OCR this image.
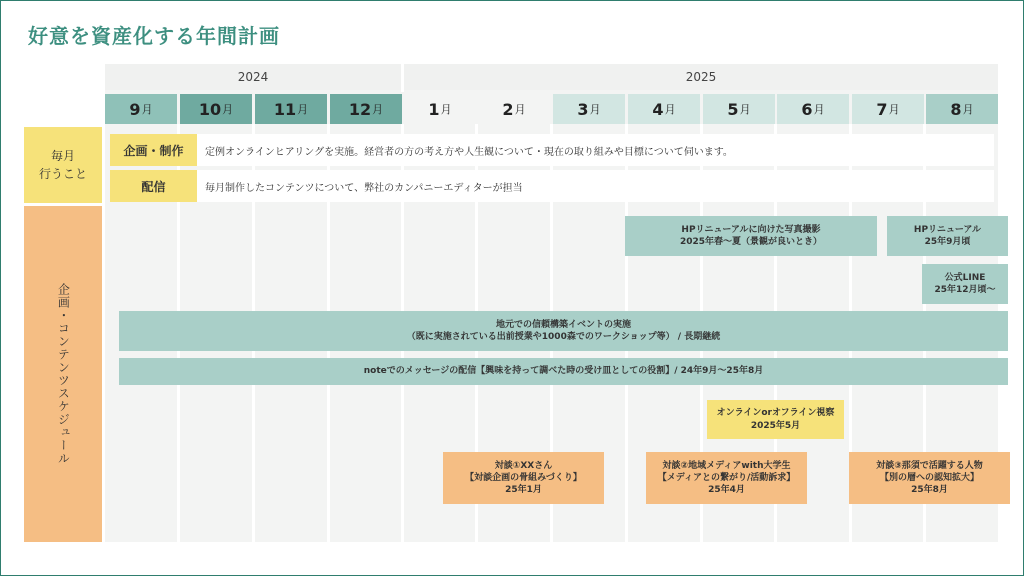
好意を資産化する年間計画
2024	2025
9 月	10 月	11 月	12 月	1 月	2 月	3 月	4 月	5 月	6 月	7 月	8 月
毎月
行うこと
企画・コンテンツスケジュール
企画・制作	定例オンラインヒアリングを実施。経営者の方の考え方や人生観について・現在の取り組みや目標について伺います。
配信	毎月制作したコンテンツについて、弊社のカンパニーエディターが担当
HPリニューアルに向けた写真撮影
2025年春〜夏（景観が良いとき）
HPリニューアル
25年9月頃
公式LINE
25年12月頃〜
地元での信頼構築イベントの実施
（既に実施されている出前授業や1000森でのワークショップ等） / 長期継続
noteでのメッセージの配信【興味を持って調べた時の受け皿としての役割】/ 24年9月〜25年8月
オンラインorオフライン視察
2025年5月
対談①XXさん
【対談企画の骨組みづくり】
25年1月
対談②地域メディアwith大学生
【メディアとの繋がり/活動訴求】
25年4月
対談③那須で活躍する人物
【別の層への認知拡大】
25年8月
